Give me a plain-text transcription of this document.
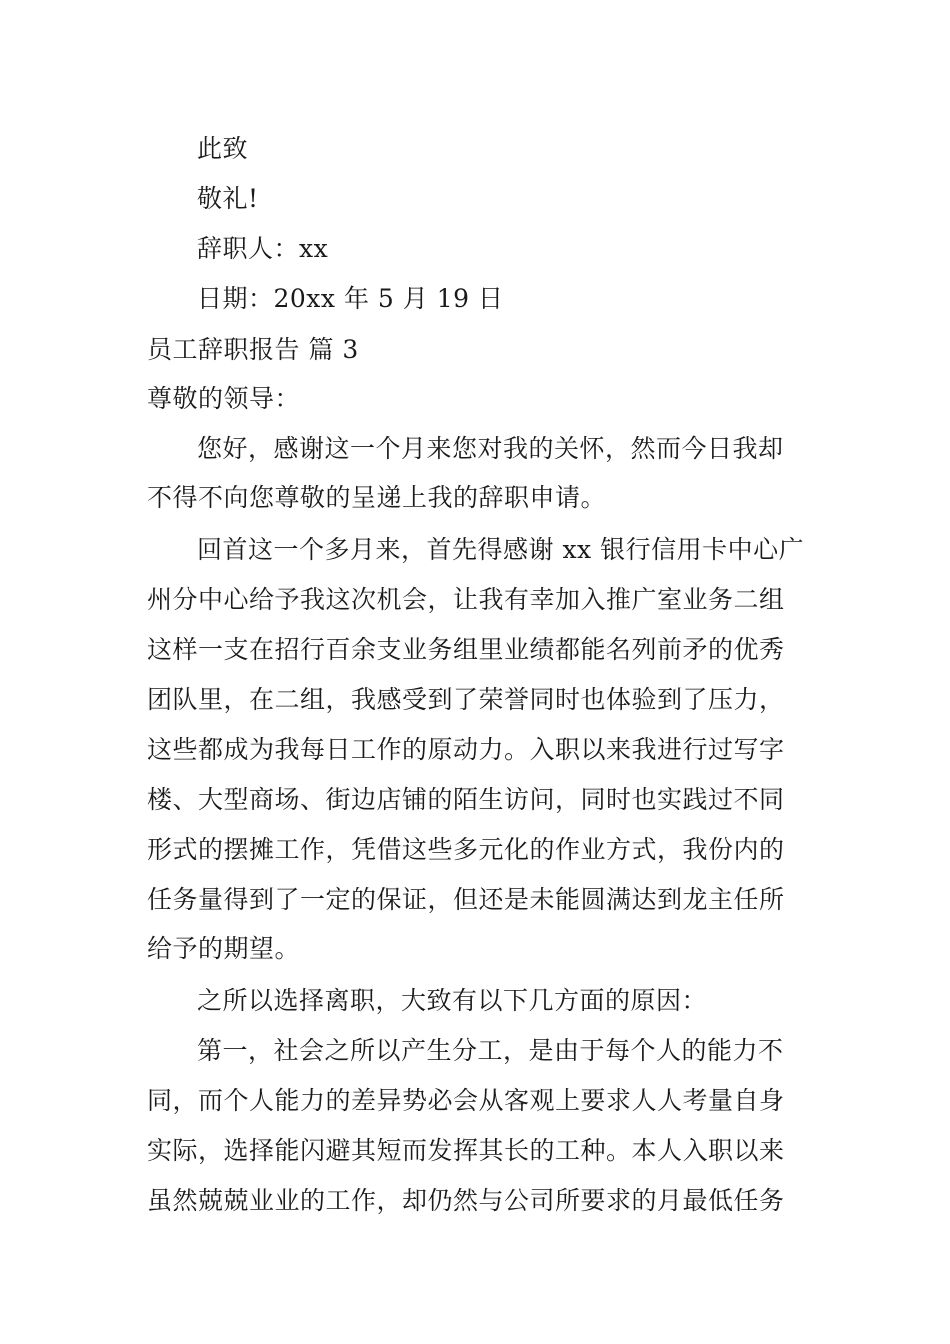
此致
敬礼!
辞职人：xx
日期：20xx 年 5 月 19 日
员工辞职报告 篇 3
尊敬的领导：
您好，感谢这一个月来您对我的关怀，然而今日我却
不得不向您尊敬的呈递上我的辞职申请。
回首这一个多月来，首先得感谢 xx 银行信用卡中心广
州分中心给予我这次机会，让我有幸加入推广室业务二组
这样一支在招行百余支业务组里业绩都能名列前矛的优秀
团队里，在二组，我感受到了荣誉同时也体验到了压力，
这些都成为我每日工作的原动力。入职以来我进行过写字
楼、大型商场、街边店铺的陌生访问，同时也实践过不同
形式的摆摊工作，凭借这些多元化的作业方式，我份内的
任务量得到了一定的保证，但还是未能圆满达到龙主任所
给予的期望。
之所以选择离职，大致有以下几方面的原因：
第一，社会之所以产生分工，是由于每个人的能力不
同，而个人能力的差异势必会从客观上要求人人考量自身
实际，选择能闪避其短而发挥其长的工种。本人入职以来
虽然兢兢业业的工作，却仍然与公司所要求的月最低任务
